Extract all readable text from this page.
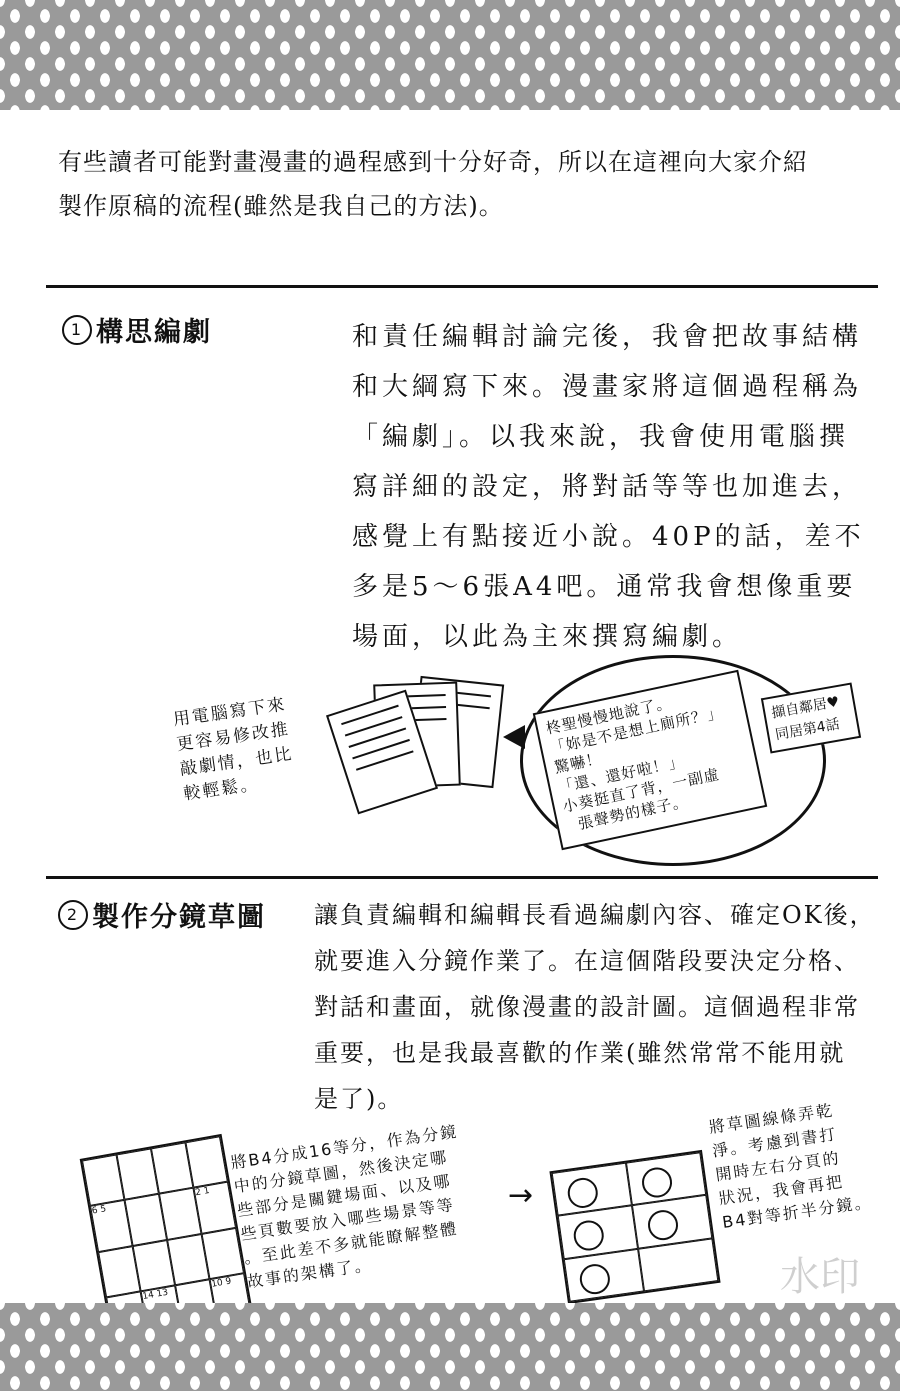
有些讀者可能對畫漫畫的過程感到十分好奇，所以在這裡向大家介紹
製作原稿的流程(雖然是我自己的方法)。
1 構思編劇	和責任編輯討論完後，我會把故事結構
和大綱寫下來。漫畫家將這個過程稱為
「編劇」。以我來說，我會使用電腦撰
寫詳細的設定，將對話等等也加進去，
感覺上有點接近小說。40P的話，差不
多是5～6張A4吧。通常我會想像重要
場面，以此為主來撰寫編劇。
用電腦寫下來
更容易修改推
敲劇情，也比
較輕鬆。
柊聖慢慢地說了。
「妳是不是想上廁所？」
驚嚇！
「還、還好啦！」
小葵挺直了背，一副虛
張聲勢的樣子。
擷自鄰居♥
同居第4話
2 製作分鏡草圖 讓負責編輯和編輯長看過編劇內容、確定OK後，
就要進入分鏡作業了。在這個階段要決定分格、
對話和畫面，就像漫畫的設計圖。這個過程非常
重要，也是我最喜歡的作業(雖然常常不能用就
是了)。
6 5
2 1
14 13
10 9
將B4分成16等分，作為分鏡
中的分鏡草圖，然後決定哪
些部分是關鍵場面、以及哪
些頁數要放入哪些場景等等
。至此差不多就能瞭解整體
故事的架構了。
→
將草圖線條弄乾
淨。考慮到書打
開時左右分頁的
狀況，我會再把
B4對等折半分鏡。
水印
